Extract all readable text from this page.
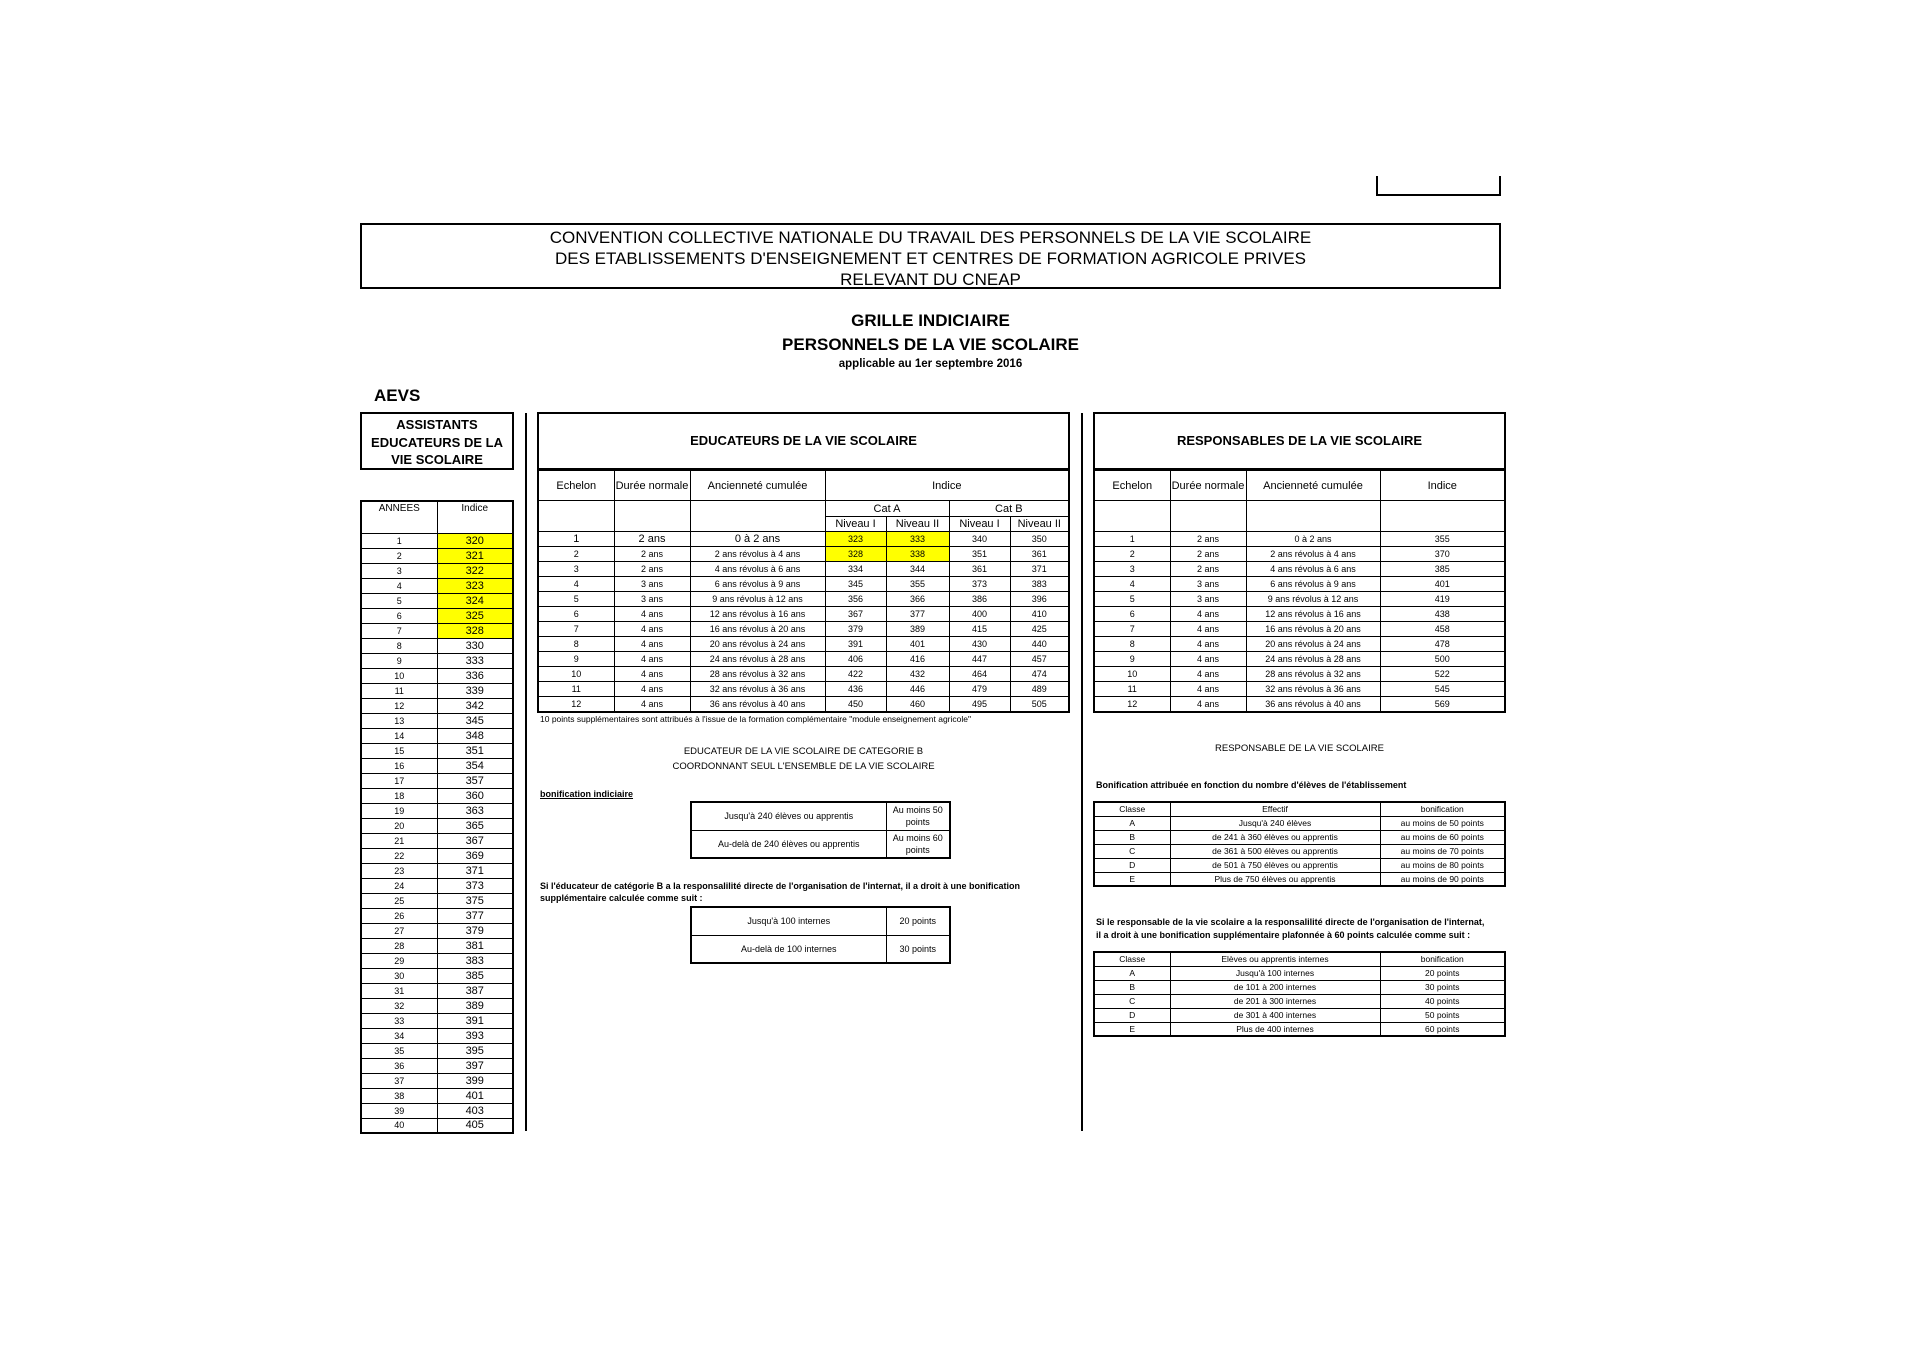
CONVENTION COLLECTIVE NATIONALE DU TRAVAIL DES PERSONNELS DE LA VIE SCOLAIRE
DES ETABLISSEMENTS D'ENSEIGNEMENT ET CENTRES DE FORMATION AGRICOLE PRIVES
RELEVANT DU CNEAP
GRILLE INDICIAIRE
PERSONNELS DE LA VIE SCOLAIRE
applicable au 1er septembre 2016
AEVS
ASSISTANTS
EDUCATEURS DE LA
VIE SCOLAIRE
ANNEES	Indice
1	320
2	321
3	322
4	323
5	324
6	325
7	328
8	330
9	333
10	336
11	339
12	342
13	345
14	348
15	351
16	354
17	357
18	360
19	363
20	365
21	367
22	369
23	371
24	373
25	375
26	377
27	379
28	381
29	383
30	385
31	387
32	389
33	391
34	393
35	395
36	397
37	399
38	401
39	403
40	405
EDUCATEURS DE LA VIE SCOLAIRE
Echelon	Durée normale	Ancienneté cumulée	Indice			
			Cat A		Cat B	
			Niveau I	Niveau II	Niveau I	Niveau II
1	2 ans	0 à 2 ans	323	333	340	350
2	2 ans	2 ans révolus à 4 ans	328	338	351	361
3	2 ans	4 ans révolus à 6 ans	334	344	361	371
4	3 ans	6 ans révolus à 9 ans	345	355	373	383
5	3 ans	9 ans révolus à 12 ans	356	366	386	396
6	4 ans	12 ans révolus à 16 ans	367	377	400	410
7	4 ans	16 ans révolus à 20 ans	379	389	415	425
8	4 ans	20 ans révolus à 24 ans	391	401	430	440
9	4 ans	24 ans révolus à 28 ans	406	416	447	457
10	4 ans	28 ans révolus à 32 ans	422	432	464	474
11	4 ans	32 ans révolus à 36 ans	436	446	479	489
12	4 ans	36 ans révolus à 40 ans	450	460	495	505
10 points supplémentaires sont attribués à l'issue de la formation complémentaire "module enseignement agricole"
EDUCATEUR DE LA VIE SCOLAIRE DE CATEGORIE B
COORDONNANT SEUL L'ENSEMBLE DE LA VIE SCOLAIRE
bonification indiciaire
Jusqu'à 240 élèves ou apprentis	Au moins 50 points
Au-delà de 240 élèves ou apprentis	Au moins 60 points
Si l'éducateur de catégorie B a la responsalilité directe de l'organisation de l'internat, il a droit à une bonification
supplémentaire calculée comme suit :
Jusqu'à 100 internes	20 points
Au-delà de 100 internes	30 points
RESPONSABLES DE LA VIE SCOLAIRE
Echelon	Durée normale	Ancienneté cumulée	Indice

1	2 ans	0 à 2 ans	355
2	2 ans	2 ans révolus à 4 ans	370
3	2 ans	4 ans révolus à 6 ans	385
4	3 ans	6 ans révolus à 9 ans	401
5	3 ans	9 ans révolus à 12 ans	419
6	4 ans	12 ans révolus à 16 ans	438
7	4 ans	16 ans révolus à 20 ans	458
8	4 ans	20 ans révolus à 24 ans	478
9	4 ans	24 ans révolus à 28 ans	500
10	4 ans	28 ans révolus à 32 ans	522
11	4 ans	32 ans révolus à 36 ans	545
12	4 ans	36 ans révolus à 40 ans	569
RESPONSABLE DE LA VIE SCOLAIRE
Bonification attribuée en fonction du nombre d'élèves de l'établissement
Classe	Effectif	bonification
A	Jusqu'à 240 élèves	au moins de 50 points
B	de 241 à 360 élèves ou apprentis	au moins de 60 points
C	de 361 à 500 élèves ou apprentis	au moins de 70 points
D	de 501 à 750 élèves ou apprentis	au moins de 80 points
E	Plus de 750 élèves ou apprentis	au moins de 90 points
Si le responsable de la vie scolaire a la responsalilité directe de l'organisation de l'internat,
il a droit à une bonification supplémentaire plafonnée à 60 points calculée comme suit :
Classe	Elèves ou apprentis internes	bonification
A	Jusqu'à 100 internes	20 points
B	de 101 à 200 internes	30 points
C	de 201 à 300 internes	40 points
D	de 301 à 400 internes	50 points
E	Plus de 400 internes	60 points
